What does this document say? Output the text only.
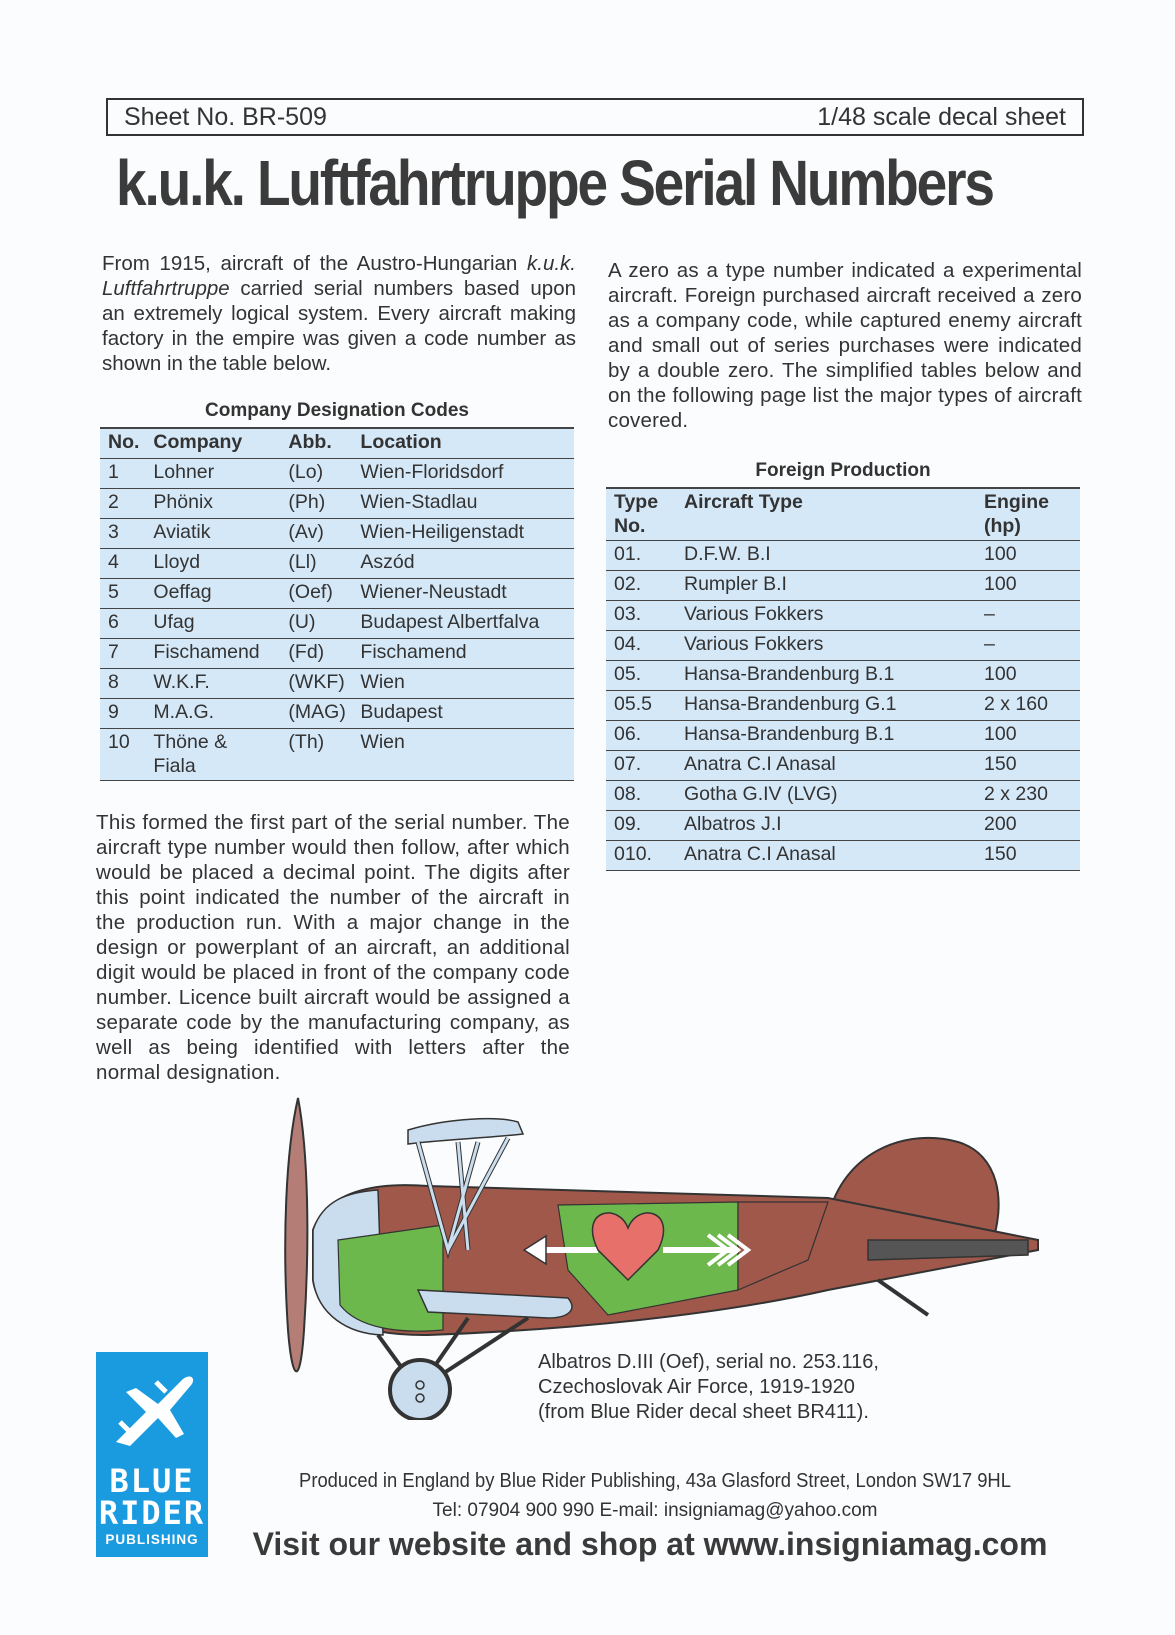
Sheet No. BR-509	1/48 scale decal sheet
k.u.k. Luftfahrtruppe Serial Numbers

From 1915, aircraft of the Austro-Hungarian k.u.k. Luftfahrtruppe carried serial numbers based upon an extremely logical system. Every aircraft making factory in the empire was given a code number as shown in the table below.

A zero as a type number indicated a experimental aircraft. Foreign purchased aircraft received a zero as a company code, while captured enemy aircraft and small out of series purchases were indicated by a double zero. The simplified tables below and on the following page list the major types of aircraft covered.

Company Designation Codes
No.	Company	Abb.	Location
1	Lohner	(Lo)	Wien-Floridsdorf
2	Phönix	(Ph)	Wien-Stadlau
3	Aviatik	(Av)	Wien-Heiligenstadt
4	Lloyd	(Ll)	Aszód
5	Oeffag	(Oef)	Wiener-Neustadt
6	Ufag	(U)	Budapest Albertfalva
7	Fischamend	(Fd)	Fischamend
8	W.K.F.	(WKF)	Wien
9	M.A.G.	(MAG)	Budapest
10	Thöne & Fiala	(Th)	Wien
Foreign Production
Type No.	Aircraft Type	Engine (hp)
01.	D.F.W. B.I	100
02.	Rumpler B.I	100
03.	Various Fokkers	–
04.	Various Fokkers	–
05.	Hansa-Brandenburg B.1	100
05.5	Hansa-Brandenburg G.1	2 x 160
06.	Hansa-Brandenburg B.1	100
07.	Anatra C.I Anasal	150
08.	Gotha G.IV (LVG)	2 x 230
09.	Albatros J.I	200
010.	Anatra C.I Anasal	150

This formed the first part of the serial number. The aircraft type number would then follow, after which would be placed a decimal point. The digits after this point indicated the number of the aircraft in the production run. With a major change in the design or powerplant of an aircraft, an additional digit would be placed in front of the company code number. Licence built aircraft would be assigned a separate code by the manufacturing company, as well as being identified with letters after the normal designation.

Albatros D.III (Oef), serial no. 253.116,
Czechoslovak Air Force, 1919-1920
(from Blue Rider decal sheet BR411).
BLUE
RIDER
PUBLISHING
Produced in England by Blue Rider Publishing, 43a Glasford Street, London SW17 9HL
Tel: 07904 900 990 E-mail: insigniamag@yahoo.com
Visit our website and shop at www.insigniamag.com
